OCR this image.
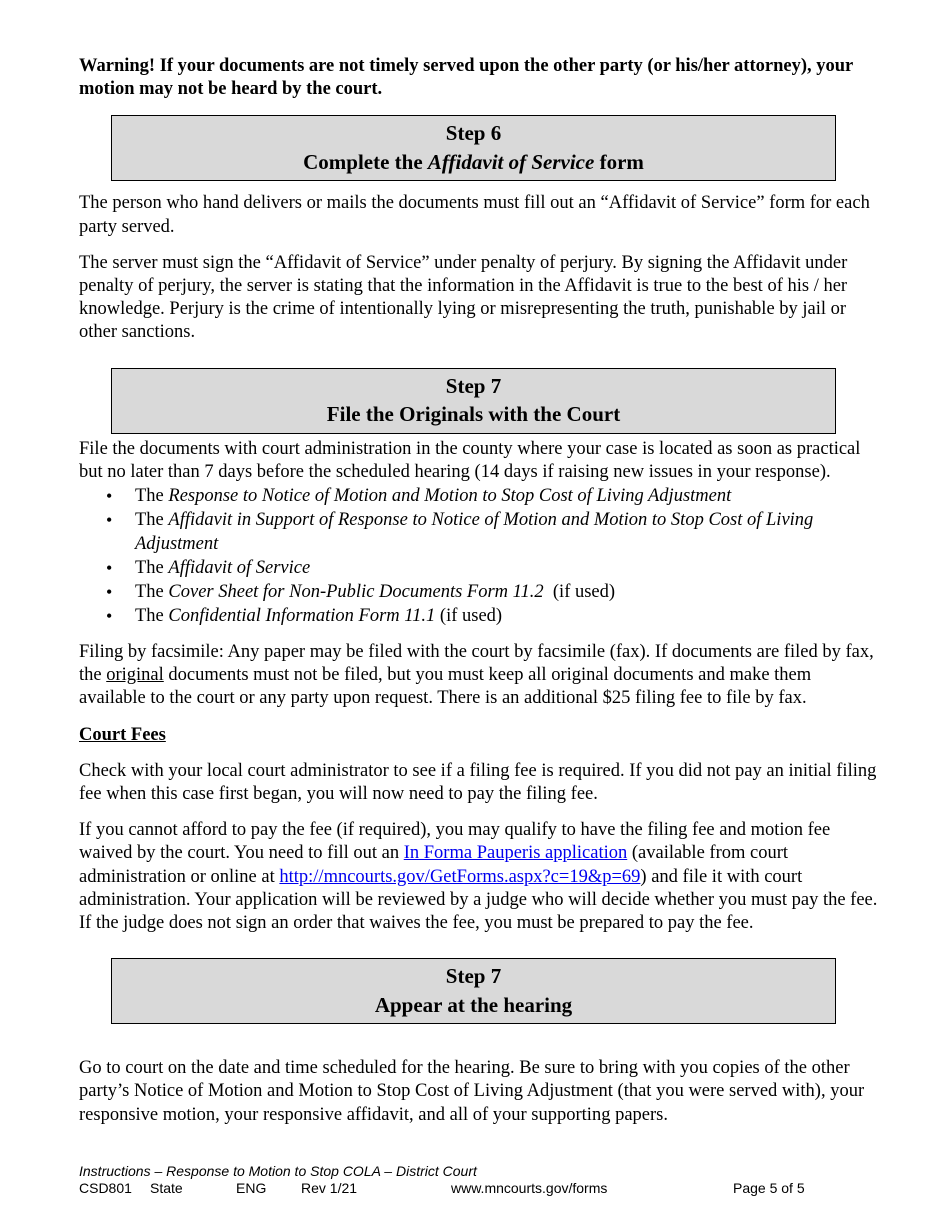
Warning! If your documents are not timely served upon the other party (or his/her attorney), your motion may not be heard by the court.

Step 6
Complete the Affidavit of Service form

The person who hand delivers or mails the documents must fill out an “Affidavit of Service” form for each party served.

The server must sign the “Affidavit of Service” under penalty of perjury. By signing the Affidavit under penalty of perjury, the server is stating that the information in the Affidavit is true to the best of his / her knowledge. Perjury is the crime of intentionally lying or misrepresenting the truth, punishable by jail or other sanctions.

Step 7
File the Originals with the Court

File the documents with court administration in the county where your case is located as soon as practical but no later than 7 days before the scheduled hearing (14 days if raising new issues in your response).

• The Response to Notice of Motion and Motion to Stop Cost of Living Adjustment
• The Affidavit in Support of Response to Notice of Motion and Motion to Stop Cost of Living Adjustment
• The Affidavit of Service
• The Cover Sheet for Non-Public Documents Form 11.2  (if used)
• The Confidential Information Form 11.1 (if used)

Filing by facsimile: Any paper may be filed with the court by facsimile (fax). If documents are filed by fax, the original documents must not be filed, but you must keep all original documents and make them available to the court or any party upon request. There is an additional $25 filing fee to file by fax.

Court Fees

Check with your local court administrator to see if a filing fee is required. If you did not pay an initial filing fee when this case first began, you will now need to pay the filing fee.

If you cannot afford to pay the fee (if required), you may qualify to have the filing fee and motion fee waived by the court. You need to fill out an In Forma Pauperis application (available from court administration or online at http://mncourts.gov/GetForms.aspx?c=19&p=69) and file it with court administration. Your application will be reviewed by a judge who will decide whether you must pay the fee. If the judge does not sign an order that waives the fee, you must be prepared to pay the fee.

Step 7
Appear at the hearing

Go to court on the date and time scheduled for the hearing. Be sure to bring with you copies of the other party’s Notice of Motion and Motion to Stop Cost of Living Adjustment (that you were served with), your responsive motion, your responsive affidavit, and all of your supporting papers.

Instructions – Response to Motion to Stop COLA – District Court
CSD801 State	ENG Rev 1/21	www.mncourts.gov/forms	Page 5 of 5
